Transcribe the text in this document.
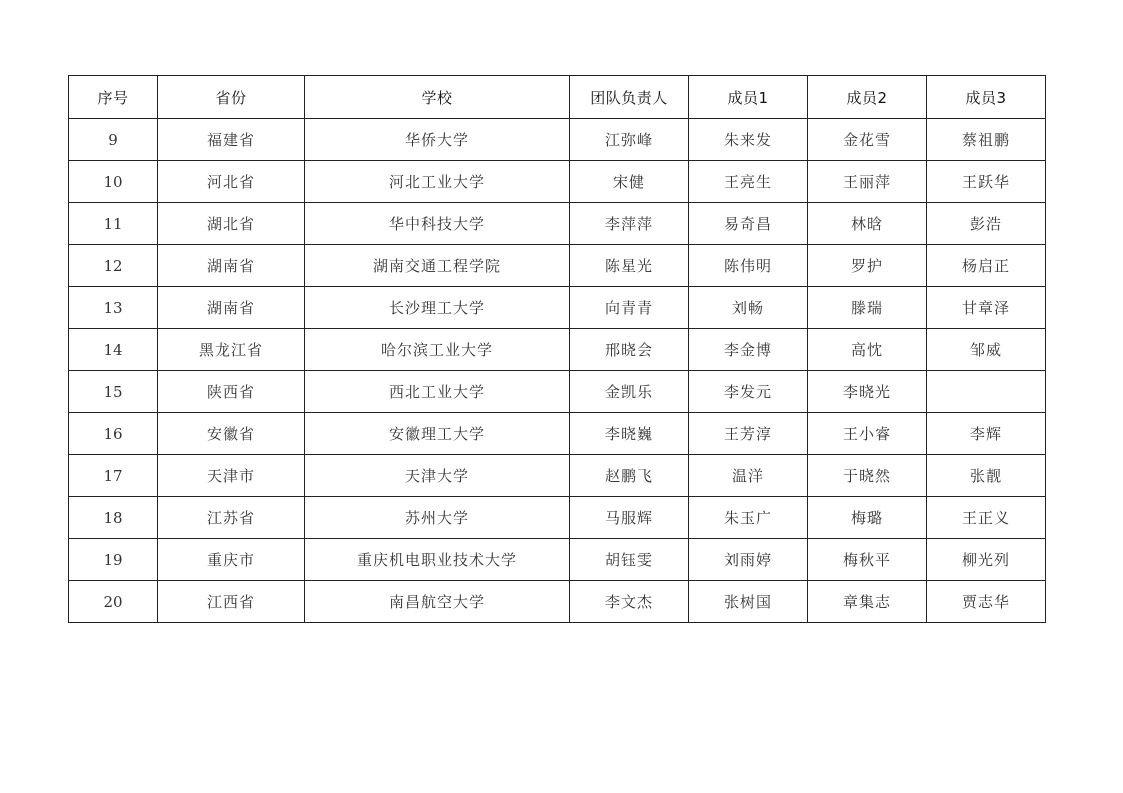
序号	省份	学校	团队负责人	成员1	成员2	成员3
9	福建省	华侨大学	江弥峰	朱来发	金花雪	蔡祖鹏
10	河北省	河北工业大学	宋健	王亮生	王丽萍	王跃华
11	湖北省	华中科技大学	李萍萍	易奇昌	林晗	彭浩
12	湖南省	湖南交通工程学院	陈星光	陈伟明	罗护	杨启正
13	湖南省	长沙理工大学	向青青	刘畅	滕瑞	甘章泽
14	黑龙江省	哈尔滨工业大学	邢晓会	李金博	高忱	邹威
15	陕西省	西北工业大学	金凯乐	李发元	李晓光	
16	安徽省	安徽理工大学	李晓巍	王芳淳	王小睿	李辉
17	天津市	天津大学	赵鹏飞	温洋	于晓然	张靓
18	江苏省	苏州大学	马服辉	朱玉广	梅璐	王正义
19	重庆市	重庆机电职业技术大学	胡钰雯	刘雨婷	梅秋平	柳光列
20	江西省	南昌航空大学	李文杰	张树国	章集志	贾志华
